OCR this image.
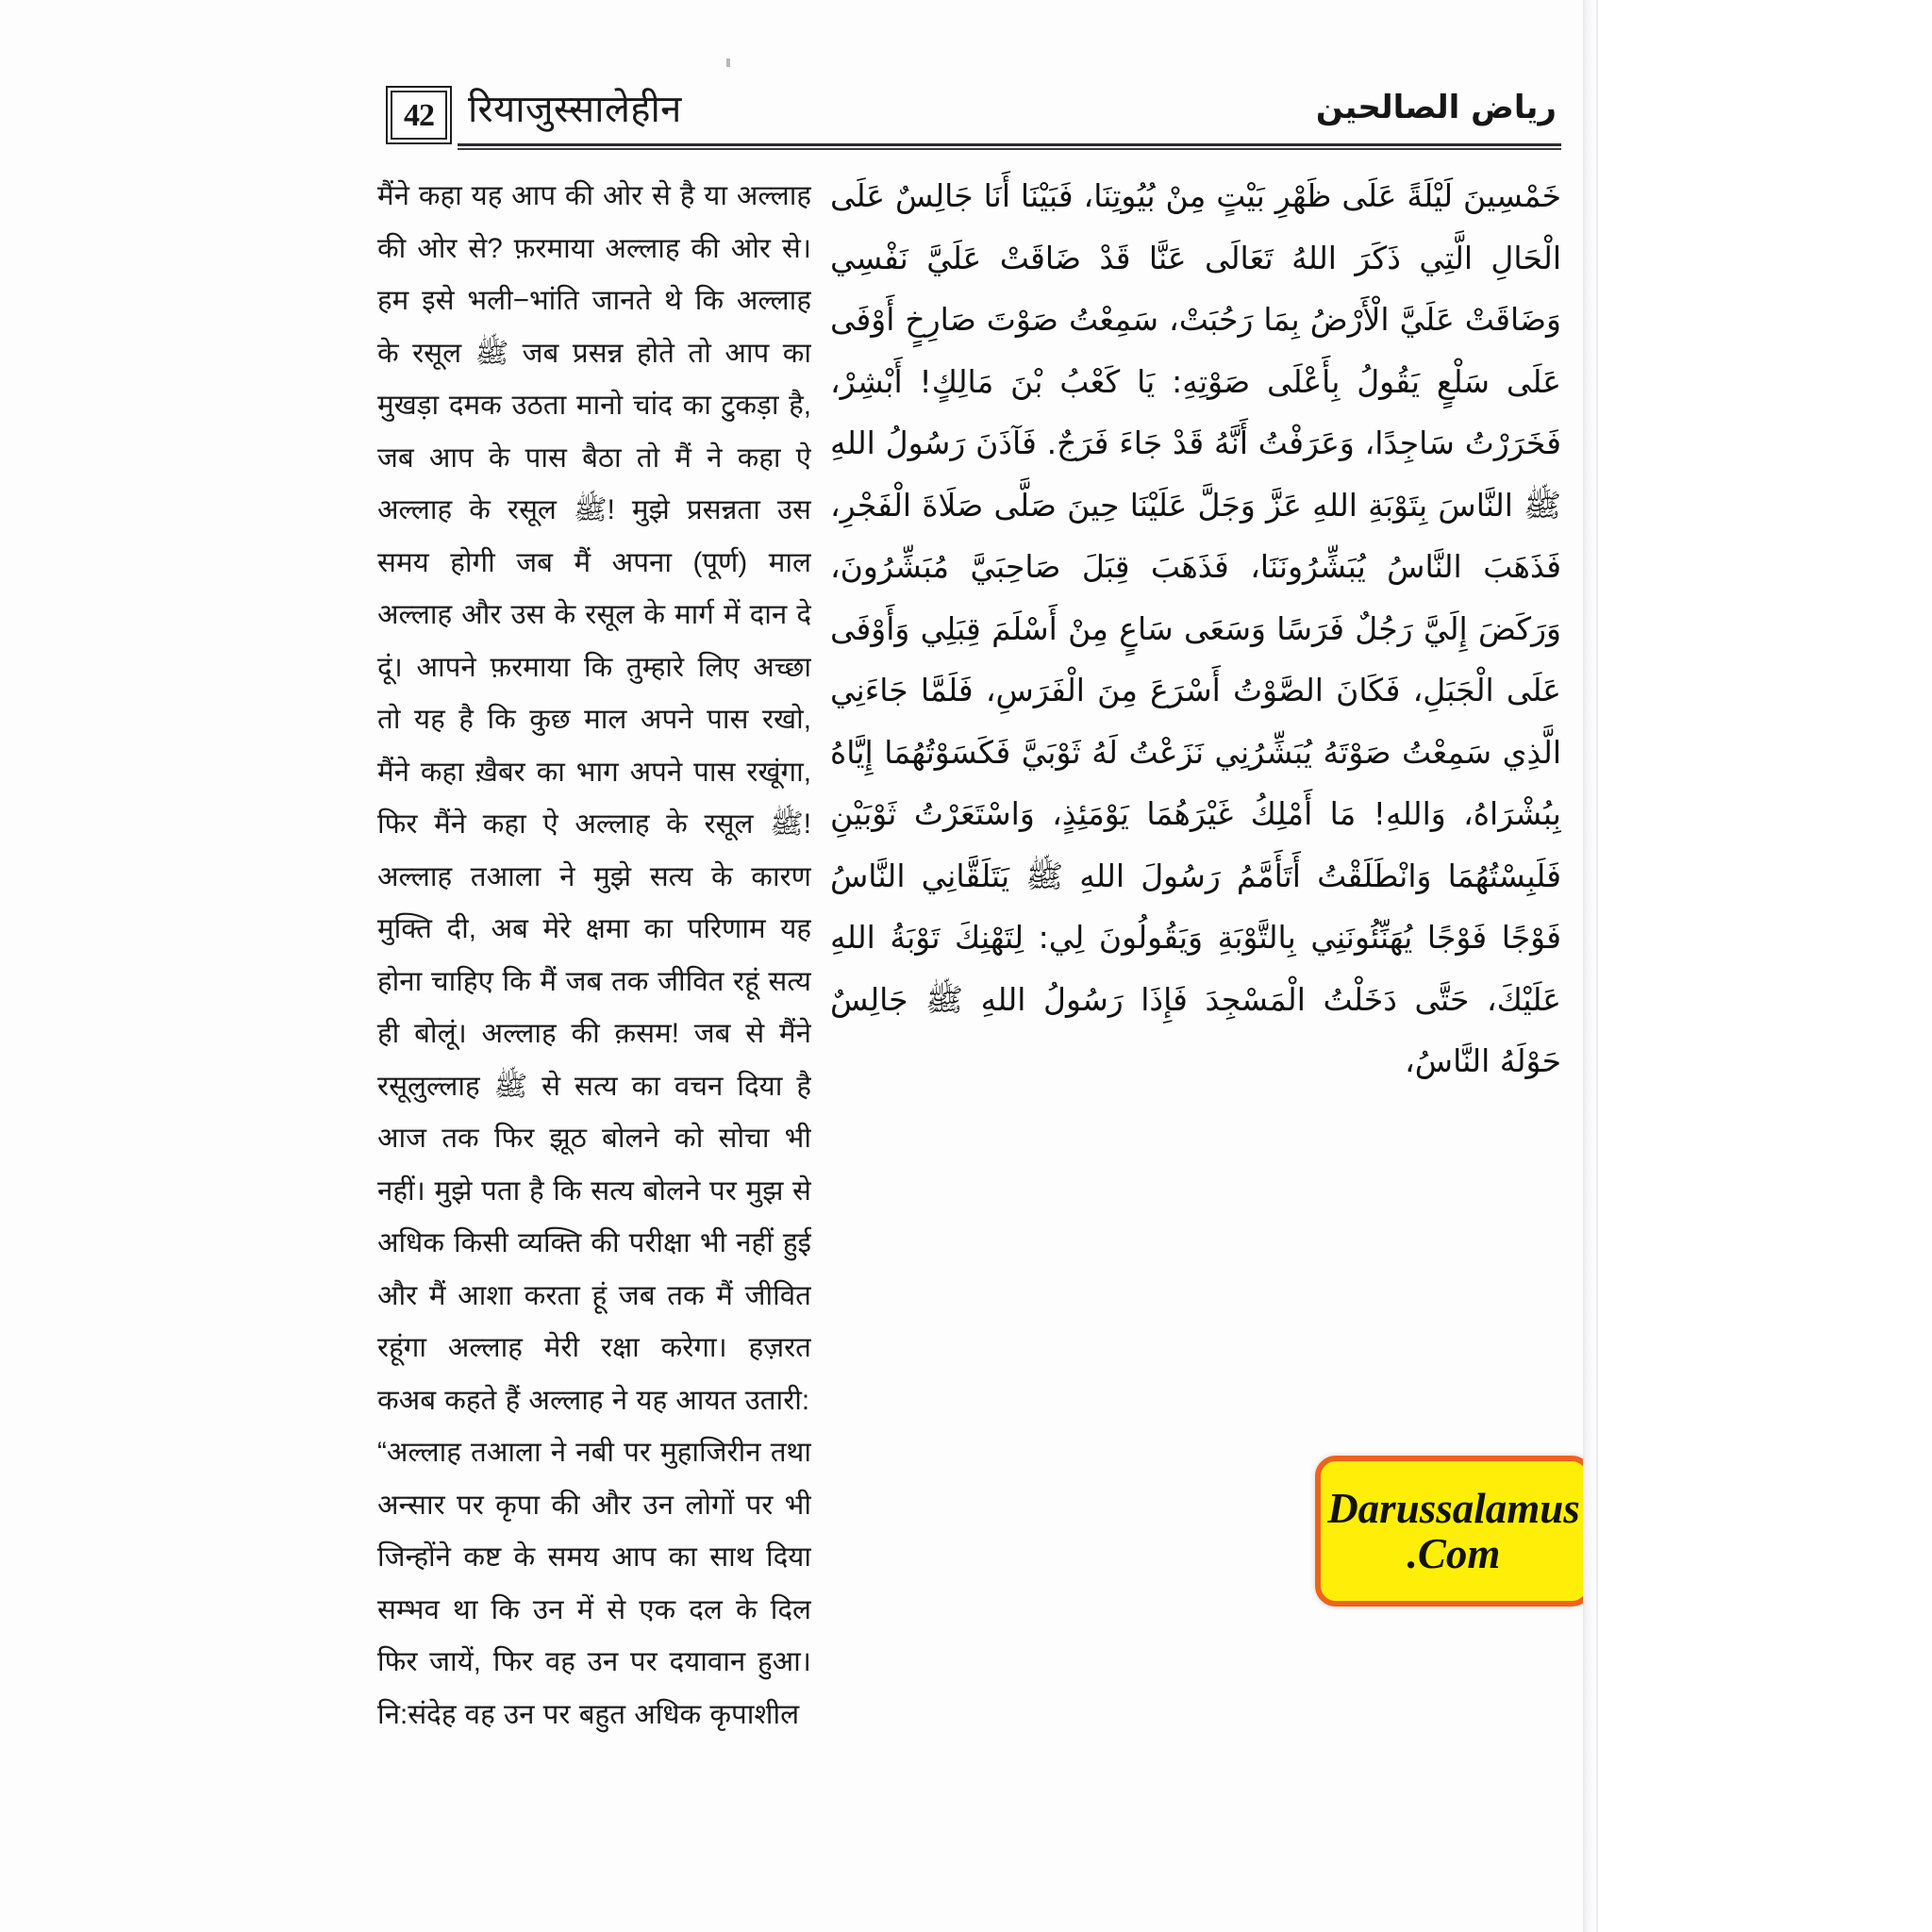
42 रियाजुस्सालेहीन	رياض الصالحين

मैंने कहा यह आप की ओर से है या अल्लाह की ओर से? फ़रमाया अल्लाह की ओर से। हम इसे भली−भांति जानते थे कि अल्लाह के रसूल ﷺ जब प्रसन्न होते तो आप का मुखड़ा दमक उठता मानो चांद का टुकड़ा है, जब आप के पास बैठा तो मैं ने कहा ऐ अल्लाह के रसूल ﷺ! मुझे प्रसन्नता उस समय होगी जब मैं अपना (पूर्ण) माल अल्लाह और उस के रसूल के मार्ग में दान दे दूं। आपने फ़रमाया कि तुम्हारे लिए अच्छा तो यह है कि कुछ माल अपने पास रखो, मैंने कहा ख़ैबर का भाग अपने पास रखूंगा, फिर मैंने कहा ऐ अल्लाह के रसूल ﷺ! अल्लाह तआला ने मुझे सत्य के कारण मुक्ति दी, अब मेरे क्षमा का परिणाम यह होना चाहिए कि मैं जब तक जीवित रहूं सत्य ही बोलूं। अल्लाह की क़सम! जब से मैंने रसूलुल्लाह ﷺ से सत्य का वचन दिया है आज तक फिर झूठ बोलने को सोचा भी नहीं। मुझे पता है कि सत्य बोलने पर मुझ से अधिक किसी व्यक्ति की परीक्षा भी नहीं हुई और मैं आशा करता हूं जब तक मैं जीवित रहूंगा अल्लाह मेरी रक्षा करेगा। हज़रत कअब कहते हैं अल्लाह ने यह आयत उतारी:

“अल्लाह तआला ने नबी पर मुहाजिरीन तथा अन्सार पर कृपा की और उन लोगों पर भी जिन्होंने कष्ट के समय आप का साथ दिया सम्भव था कि उन में से एक दल के दिल फिर जायें, फिर वह उन पर दयावान हुआ। नि:संदेह वह उन पर बहुत अधिक कृपाशील

خَمْسِينَ لَيْلَةً عَلَى ظَهْرِ بَيْتٍ مِنْ بُيُوتِنَا، فَبَيْنَا أَنَا جَالِسٌ عَلَى الْحَالِ الَّتِي ذَكَرَ اللهُ تَعَالَى عَنَّا قَدْ ضَاقَتْ عَلَيَّ نَفْسِي وَضَاقَتْ عَلَيَّ الْأَرْضُ بِمَا رَحُبَتْ، سَمِعْتُ صَوْتَ صَارِخٍ أَوْفَى عَلَى سَلْعٍ يَقُولُ بِأَعْلَى صَوْتِهِ: يَا كَعْبُ بْنَ مَالِكٍ! أَبْشِرْ، فَخَرَرْتُ سَاجِدًا، وَعَرَفْتُ أَنَّهُ قَدْ جَاءَ فَرَجٌ. فَآذَنَ رَسُولُ اللهِ ﷺ النَّاسَ بِتَوْبَةِ اللهِ عَزَّ وَجَلَّ عَلَيْنَا حِينَ صَلَّى صَلَاةَ الْفَجْرِ، فَذَهَبَ النَّاسُ يُبَشِّرُونَنَا، فَذَهَبَ قِبَلَ صَاحِبَيَّ مُبَشِّرُونَ، وَرَكَضَ إِلَيَّ رَجُلٌ فَرَسًا وَسَعَى سَاعٍ مِنْ أَسْلَمَ قِبَلِي وَأَوْفَى عَلَى الْجَبَلِ، فَكَانَ الصَّوْتُ أَسْرَعَ مِنَ الْفَرَسِ، فَلَمَّا جَاءَنِي الَّذِي سَمِعْتُ صَوْتَهُ يُبَشِّرُنِي نَزَعْتُ لَهُ ثَوْبَيَّ فَكَسَوْتُهُمَا إِيَّاهُ بِبُشْرَاهُ، وَاللهِ! مَا أَمْلِكُ غَيْرَهُمَا يَوْمَئِذٍ، وَاسْتَعَرْتُ ثَوْبَيْنِ فَلَبِسْتُهُمَا وَانْطَلَقْتُ أَتَأَمَّمُ رَسُولَ اللهِ ﷺ يَتَلَقَّانِي النَّاسُ فَوْجًا فَوْجًا يُهَنِّئُونَنِي بِالتَّوْبَةِ وَيَقُولُونَ لِي: لِتَهْنِكَ تَوْبَةُ اللهِ عَلَيْكَ، حَتَّى دَخَلْتُ الْمَسْجِدَ فَإِذَا رَسُولُ اللهِ ﷺ جَالِسٌ حَوْلَهُ النَّاسُ،

Darussalamus
.Com
